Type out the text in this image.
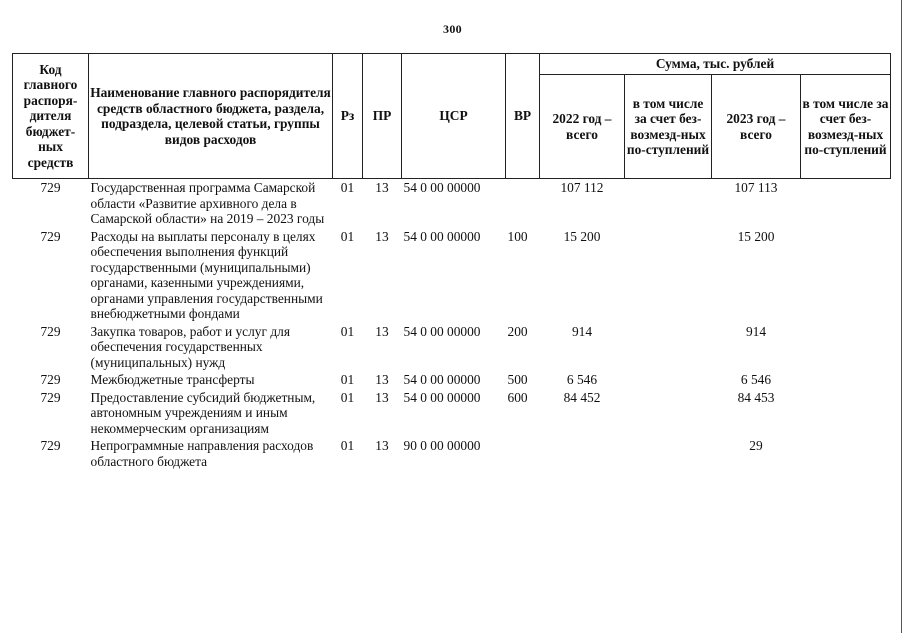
300
Код главного распоря-дителя бюджет-ных средств	Наименование главного распорядителя средств областного бюджета, раздела, подраздела, целевой статьи, группы видов расходов	Рз	ПР	ЦСР	ВР	Сумма, тыс. рублей			
						2022 год – всего	в том числе за счет без-возмезд-ных по-ступлений	2023 год – всего	в том числе за счет без-возмезд-ных по-ступлений
729	Государственная программа Самарской области «Развитие архивного дела в Самарской области» на 2019 – 2023 годы	01	13	54 0 00 00000		107 112		107 113	
729	Расходы на выплаты персоналу в целях обеспечения выполнения функций государственными (муниципальными) органами, казенными учреждениями, органами управления государственными внебюджетными фондами	01	13	54 0 00 00000	100	15 200		15 200	
729	Закупка товаров, работ и услуг для обеспечения государственных (муниципальных) нужд	01	13	54 0 00 00000	200	914		914	
729	Межбюджетные трансферты	01	13	54 0 00 00000	500	6 546		6 546	
729	Предоставление субсидий бюджетным, автономным учреждениям и иным некоммерческим организациям	01	13	54 0 00 00000	600	84 452		84 453	
729	Непрограммные направления расходов областного бюджета	01	13	90 0 00 00000				29	
